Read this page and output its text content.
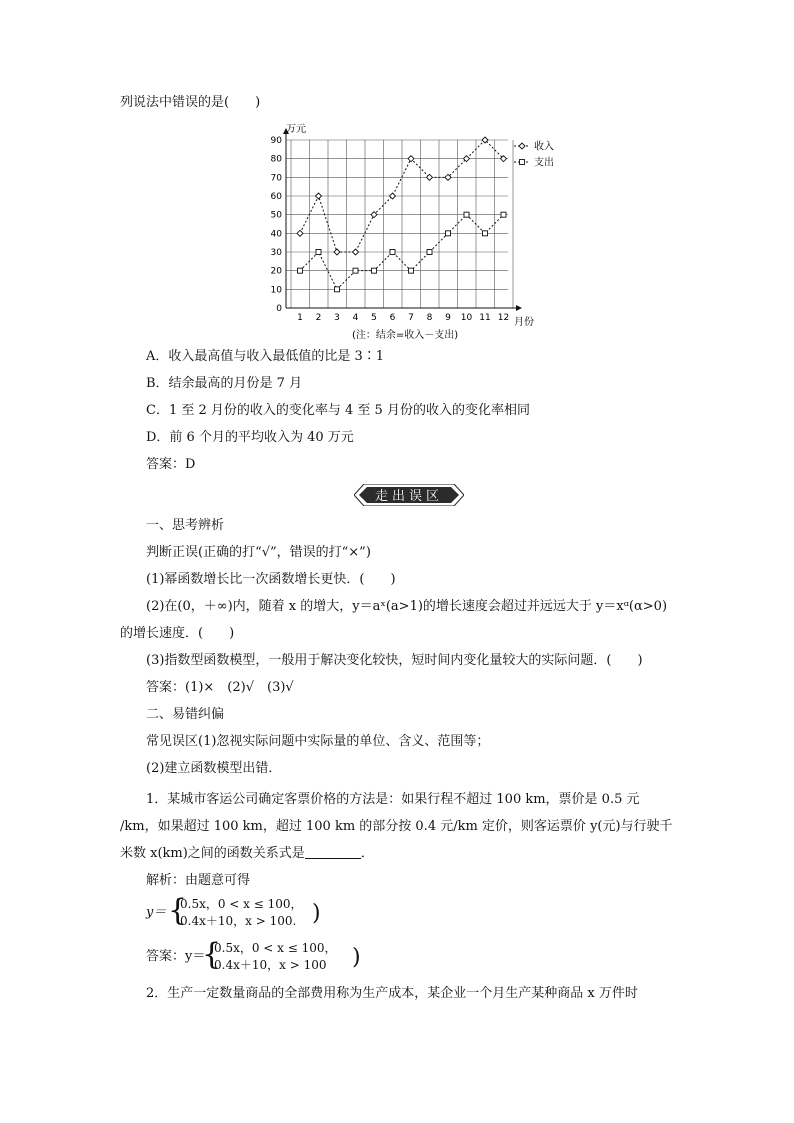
列说法中错误的是(　　)
0
10
20
30
40
50
60
70
80
90
1 2 3 4 5 6 7 8 9 10 11 12
收入
支出
万元
月份
(注：结余=收入－支出)
A．收入最高值与收入最低值的比是 3∶1
B．结余最高的月份是 7 月
C．1 至 2 月份的收入的变化率与 4 至 5 月份的收入的变化率相同
D．前 6 个月的平均收入为 40 万元
答案：D
走出误区
一、思考辨析
判断正误(正确的打“√”，错误的打“×”)
(1)幂函数增长比一次函数增长更快．(　　)
(2)在(0，＋∞)内，随着 x 的增大，y＝aˣ(a>1)的增长速度会超过并远远大于 y＝xᵅ(α>0)
的增长速度．(　　)
(3)指数型函数模型，一般用于解决变化较快，短时间内变化量较大的实际问题．(　　)
答案：(1)×　(2)√　(3)√
二、易错纠偏
常见误区(1)忽视实际问题中实际量的单位、含义、范围等；
(2)建立函数模型出错．
1．某城市客运公司确定客票价格的方法是：如果行程不超过 100 km，票价是 0.5 元
/km，如果超过 100 km，超过 100 km 的部分按 0.4 元/km 定价，则客运票价 y(元)与行驶千
米数 x(km)之间的函数关系式是	．
解析：由题意可得
y＝ {
0.5x，0 < x ≤ 100，
0.4x＋10，x > 100. )
答案：y＝
{
0.5x，0 < x ≤ 100，
0.4x＋10，x > 100 )
2．生产一定数量商品的全部费用称为生产成本，某企业一个月生产某种商品 x 万件时
